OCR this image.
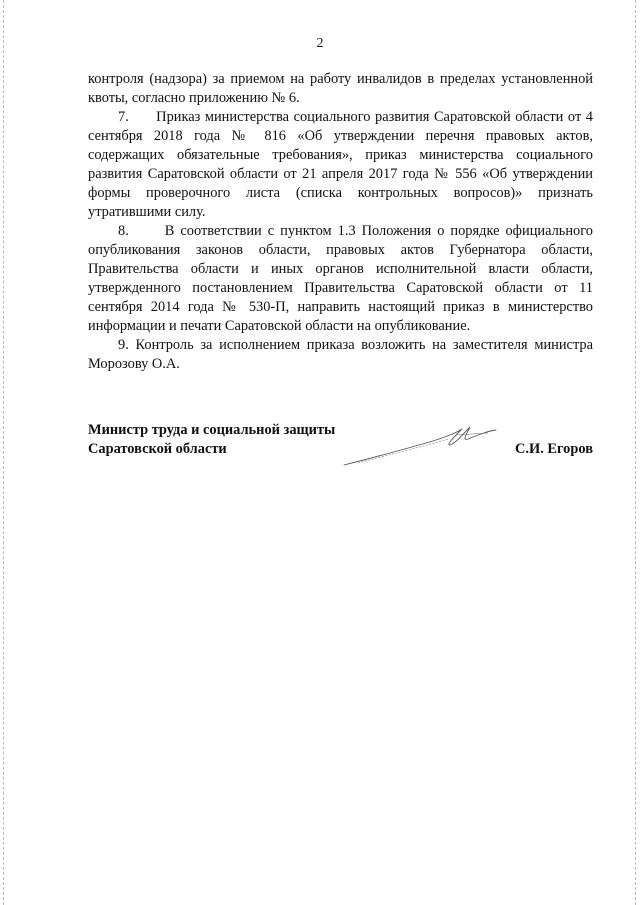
2

контроля (надзора) за приемом на работу инвалидов в пределах установленной квоты, согласно приложению № 6.

7.      Приказ министерства социального развития Саратовской области от 4 сентября 2018 года № 816 «Об утверждении перечня правовых актов, содержащих обязательные требования», приказ министерства социального развития Саратовской области от 21 апреля 2017 года № 556 «Об утверждении формы проверочного листа (списка контрольных вопросов)» признать утратившими силу.

8.      В соответствии с пунктом 1.3 Положения о порядке официального опубликования законов области, правовых актов Губернатора области, Правительства области и иных органов исполнительной власти области, утвержденного постановлением Правительства Саратовской области от 11 сентября 2014 года № 530-П, направить настоящий приказ в министерство информации и печати Саратовской области на опубликование.

9. Контроль за исполнением приказа возложить на заместителя министра Морозову О.А.

Министр труда и социальной защиты
Саратовской области	С.И. Егоров
